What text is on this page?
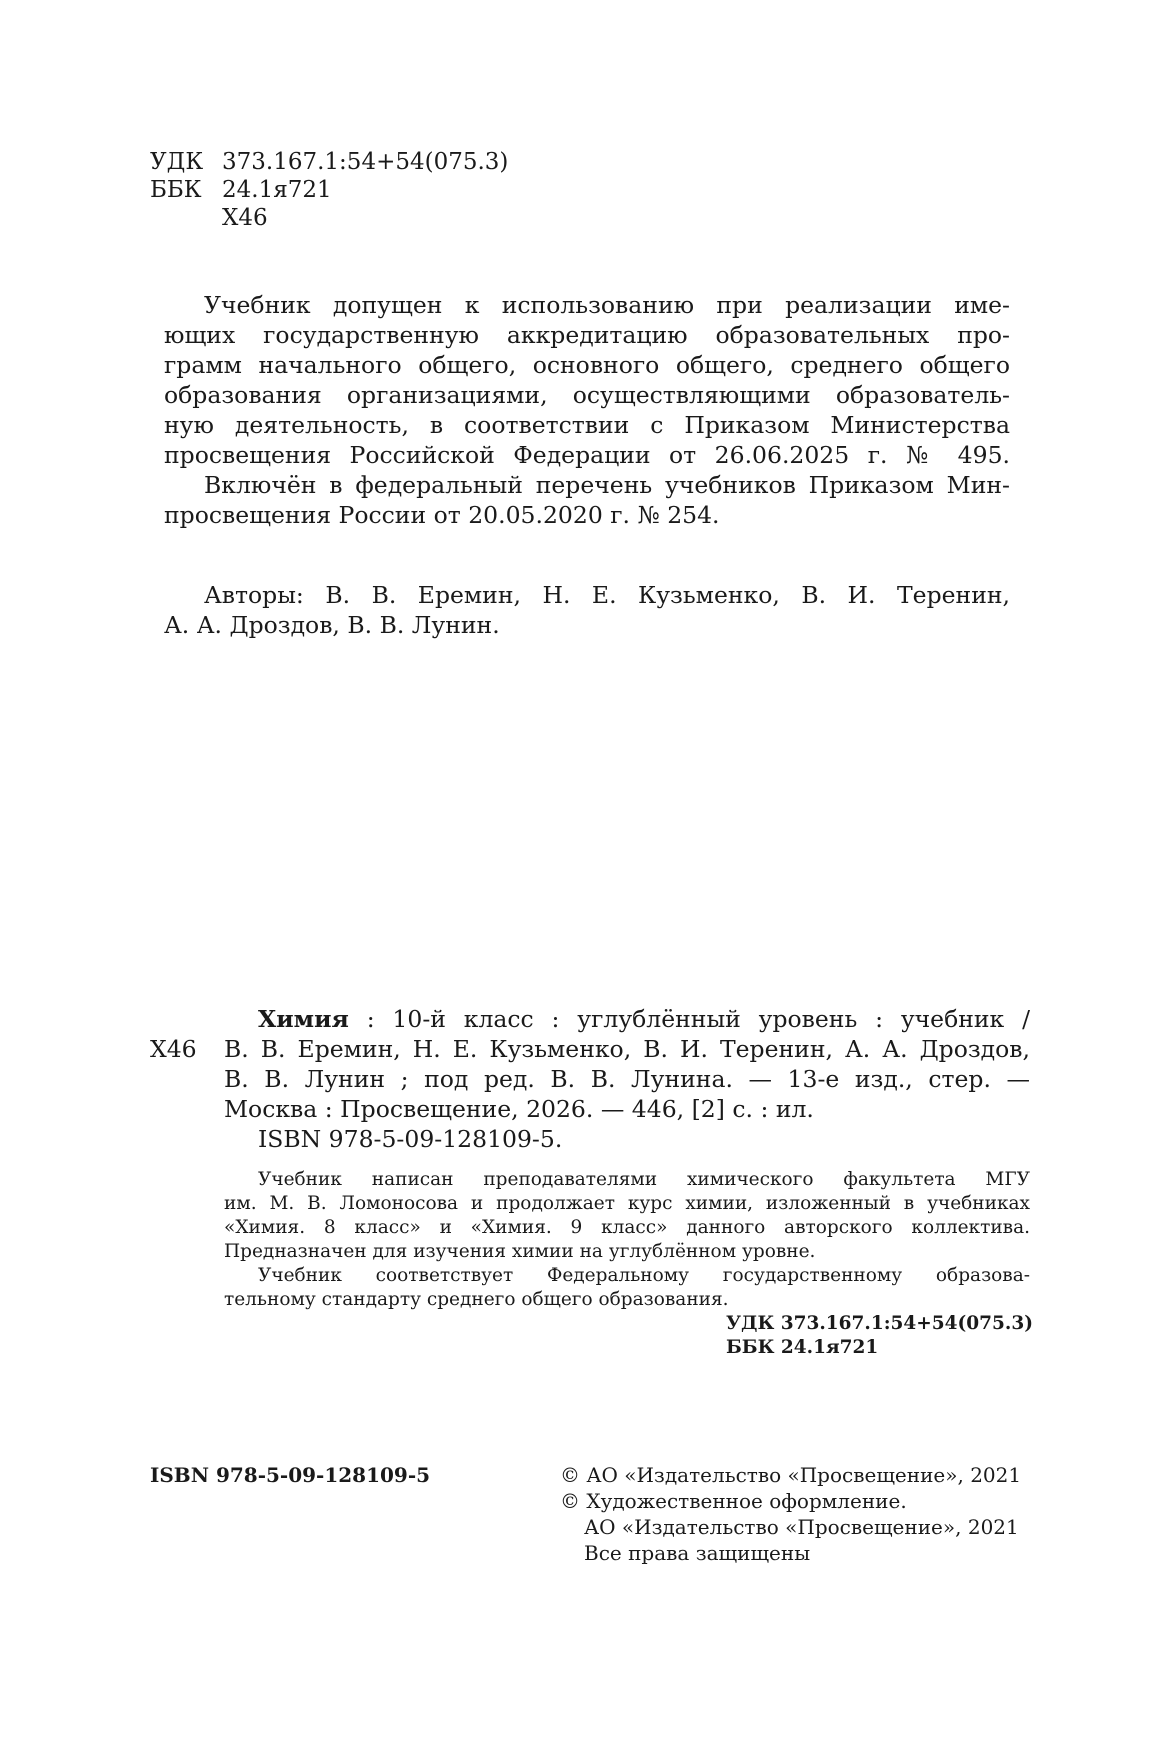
УДК 373.167.1:54+54(075.3)
ББК 24.1я721
Х46
Учебник допущен к использованию при реализации име-
ющих государственную аккредитацию образовательных про-
грамм начального общего, основного общего, среднего общего
образования организациями, осуществляющими образователь-
ную деятельность, в соответствии с Приказом Министерства
просвещения Российской Федерации от 26.06.2025 г. № 495.
Включён в федеральный перечень учебников Приказом Мин-
просвещения России от 20.05.2020 г. № 254.
Авторы: В. В. Еремин, Н. Е. Кузьменко, В. И. Теренин,
А. А. Дроздов, В. В. Лунин.
Химия : 10-й класс : углублённый уровень : учебник /
Х46 В. В. Еремин, Н. Е. Кузьменко, В. И. Теренин, А. А. Дроздов,
В. В. Лунин ; под ред. В. В. Лунина. — 13-е изд., стер. —
Москва : Просвещение, 2026. — 446, [2] с. : ил.
ISBN 978-5-09-128109-5.
Учебник написан преподавателями химического факультета МГУ
им. М. В. Ломоносова и продолжает курс химии, изложенный в учебниках
«Химия. 8 класс» и «Химия. 9 класс» данного авторского коллектива.
Предназначен для изучения химии на углублённом уровне.
Учебник соответствует Федеральному государственному образова-
тельному стандарту среднего общего образования.
УДК 373.167.1:54+54(075.3)
ББК 24.1я721
ISBN 978-5-09-128109-5	© АО «Издательство «Просвещение», 2021
© Художественное оформление.
АО «Издательство «Просвещение», 2021
Все права защищены
